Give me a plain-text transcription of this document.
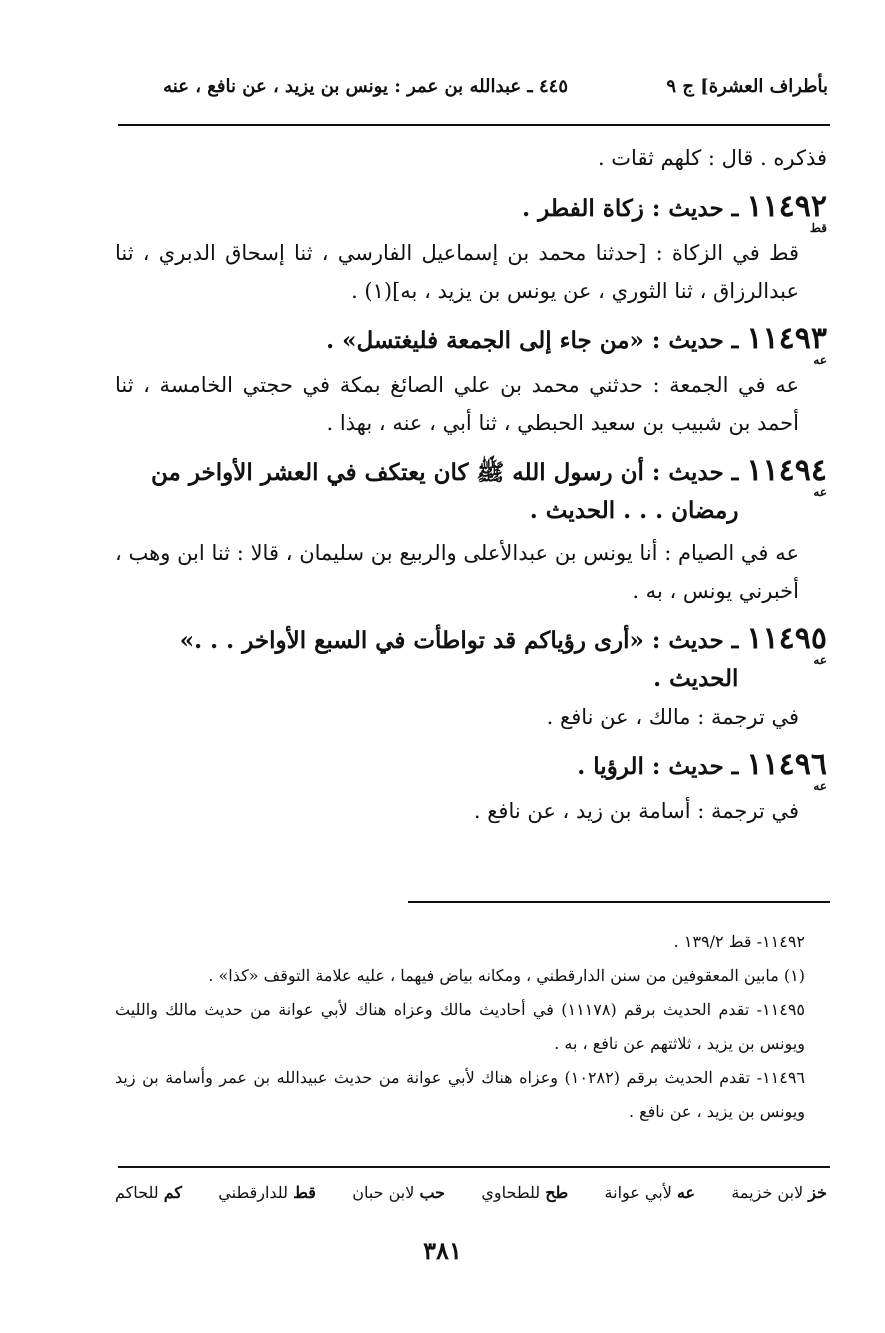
بأطراف العشرة] ج ٩
٤٤٥ ـ عبدالله بن عمر : يونس بن يزيد ، عن نافع ، عنه

فذكره . قال : كلهم ثقات .

١١٤٩٢
قط
ـ حديث : زكاة الفطر .

قط في الزكاة : [حدثنا محمد بن إسماعيل الفارسي ، ثنا إسحاق الدبري ، ثنا عبدالرزاق ، ثنا الثوري ، عن يونس بن يزيد ، به](١) .

١١٤٩٣
عه
ـ حديث : «من جاء إلى الجمعة فليغتسل» .

عه في الجمعة : حدثني محمد بن علي الصائغ بمكة في حجتي الخامسة ، ثنا أحمد بن شبيب بن سعيد الحبطي ، ثنا أبي ، عنه ، بهذا .

١١٤٩٤
عه
ـ حديث : أن رسول الله ﷺ كان يعتكف في العشر الأواخر من رمضان . . . الحديث .

عه في الصيام : أنا يونس بن عبدالأعلى والربيع بن سليمان ، قالا : ثنا ابن وهب ، أخبرني يونس ، به .

١١٤٩٥
عه
ـ حديث : «أرى رؤياكم قد تواطأت في السبع الأواخر . . .» الحديث .

في ترجمة : مالك ، عن نافع .

١١٤٩٦
عه
ـ حديث : الرؤيا .

في ترجمة : أسامة بن زيد ، عن نافع .

١١٤٩٢- قط ١٣٩/٢ .

(١) مابين المعقوفين من سنن الدارقطني ، ومكانه بياض فيهما ، عليه علامة التوقف «كذا» .

١١٤٩٥- تقدم الحديث برقم (١١١٧٨) في أحاديث مالك وعزاه هناك لأبي عوانة من حديث مالك والليث ويونس بن يزيد ، ثلاثتهم عن نافع ، به .

١١٤٩٦- تقدم الحديث برقم (١٠٢٨٢) وعزاه هناك لأبي عوانة من حديث عبيدالله بن عمر وأسامة بن زيد ويونس بن يزيد ، عن نافع .

خز لابن خزيمة
عه لأبي عوانة
طح للطحاوي
حب لابن حبان
قط للدارقطني
كم للحاكم
٣٨١
